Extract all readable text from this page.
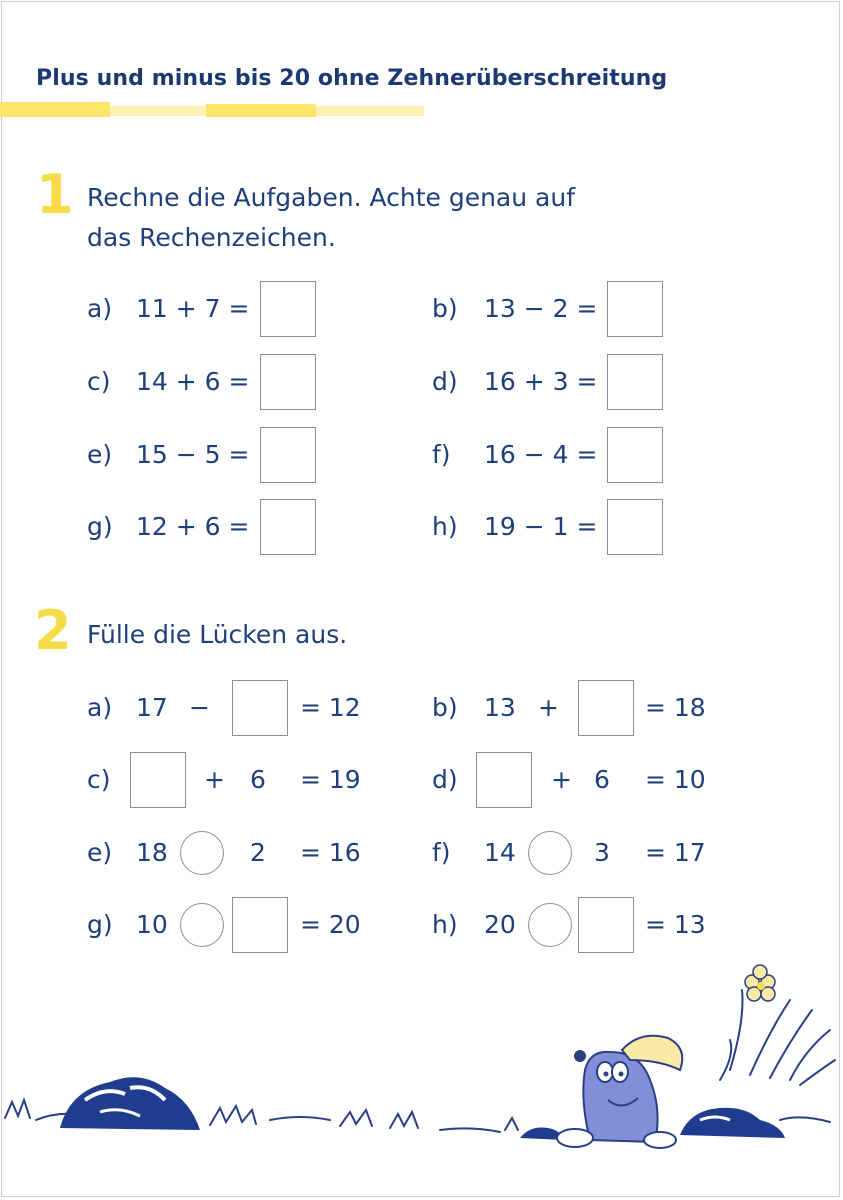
Plus und minus bis 20 ohne Zehnerüberschreitung
1 Rechne die Aufgaben. Achte genau auf
das Rechenzeichen.
a) 11 + 7 =	b) 13 − 2 =
c) 14 + 6 =	d) 16 + 3 =
e) 15 − 5 =	f) 16 − 4 =
g) 12 + 6 =	h) 19 − 1 =
2 Fülle die Lücken aus.
a) 17 −	= 12	b) 13 +	= 18
c)	+ 6 = 19	d)	+ 6 = 10
e) 18	2 = 16	f) 14	3 = 17
g) 10	= 20	h) 20	= 13
